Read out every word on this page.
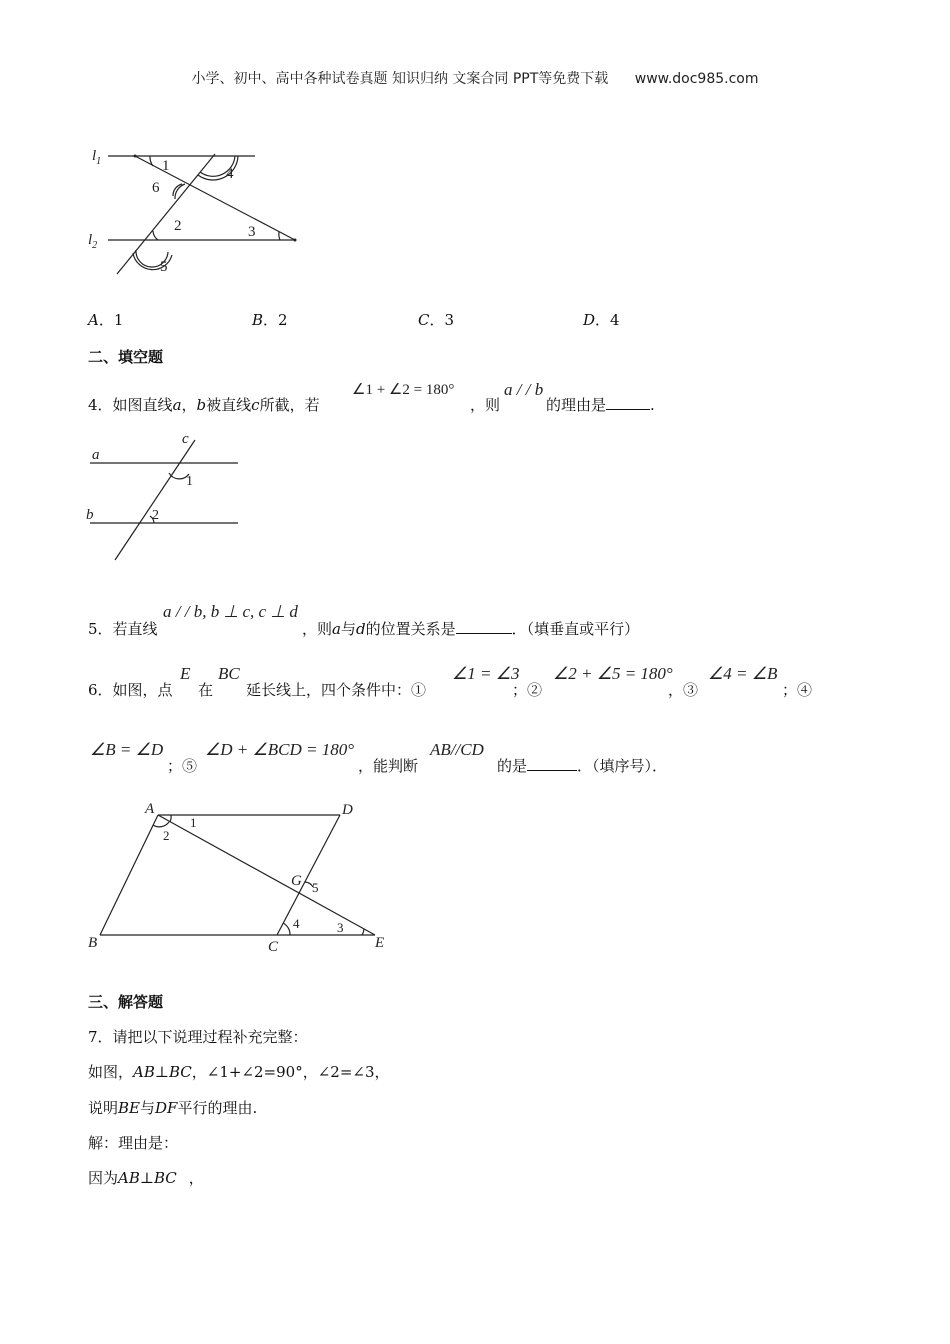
小学、初中、高中各种试卷真题 知识归纳 文案合同 PPT等免费下载 www.doc985.com
$l_1$
$l_2$
1	4
6
2	3
5
A．1	B．2	C．3	D．4
二、填空题
4．如图直线a，b被直线c所截，若
∠1 + ∠2 = 180°
，则
a / / b
的理由是	.
a
b
c
1
2
5．若直线
a / / b, b ⊥ c, c ⊥ d
，则a与d的位置关系是	．（填垂直或平行）
6．如图，点
E
在
BC
延长线上，四个条件中：①
∠1 = ∠3
；②
∠2 + ∠5 = 180°
，③
∠4 = ∠B
；④
∠B = ∠D
；⑤
∠D + ∠BCD = 180°
，能判断
AB//CD
的是	．（填序号）．
A	D
B	C	E
G
1
2
3
4
5
三、解答题
7．请把以下说理过程补充完整：
如图，AB⊥BC，∠1+∠2=90°，∠2=∠3，
说明BE与DF平行的理由.
解：理由是：
因为AB⊥BC ，
